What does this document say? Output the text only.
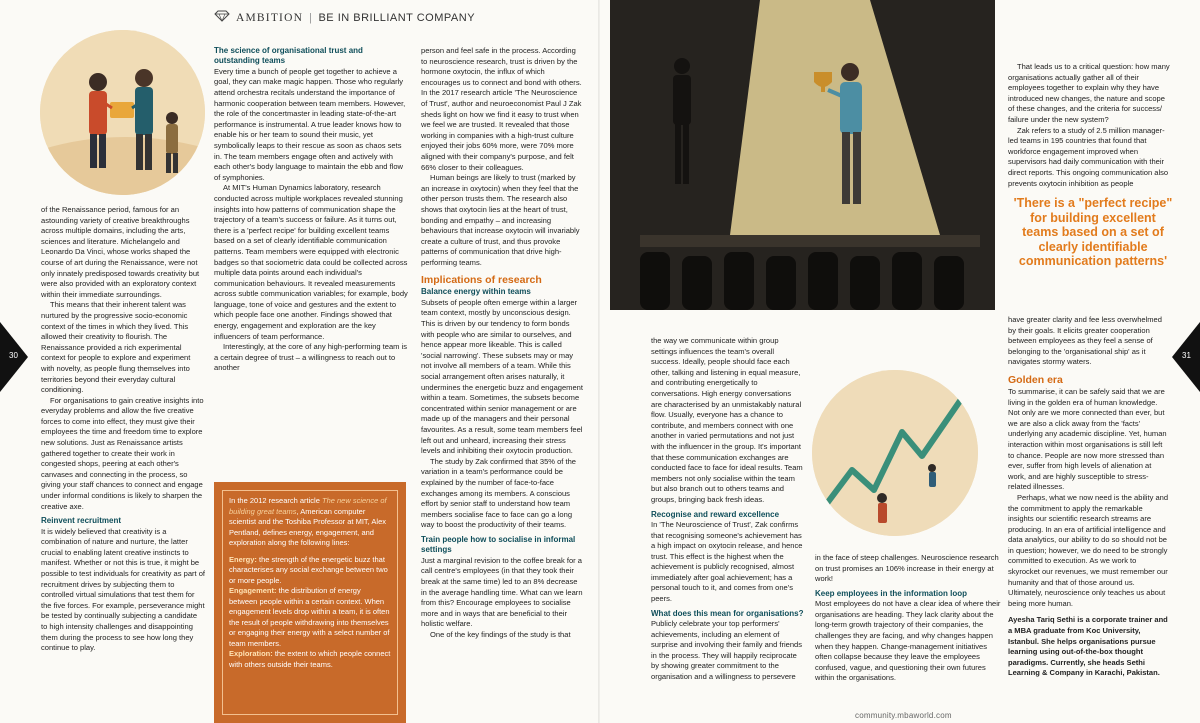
AMBITION | BE IN BRILLIANT COMPANY

of the Renaissance period, famous for an astounding variety of creative breakthroughs across multiple domains, including the arts, sciences and literature. Michelangelo and Leonardo Da Vinci, whose works shaped the course of art during the Renaissance, were not only innately predisposed towards creativity but were also provided with an exploratory context within their immediate surroundings.

This means that their inherent talent was nurtured by the progressive socio-economic context of the times in which they lived. This allowed their creativity to flourish. The Renaissance provided a rich experimental context for people to explore and experiment with novelty, as people flung themselves into territories beyond their everyday cultural conditioning.

For organisations to gain creative insights into everyday problems and allow the five creative forces to come into effect, they must give their employees the time and freedom time to explore new solutions. Just as Renaissance artists gathered together to create their work in congested shops, peering at each other's canvases and connecting in the process, so giving your staff chances to connect and engage under informal conditions is likely to sharpen the creative axe.

Reinvent recruitment

It is widely believed that creativity is a combination of nature and nurture, the latter crucial to enabling latent creative instincts to manifest. Whether or not this is true, it might be possible to test individuals for creativity as part of recruitment drives by subjecting them to controlled virtual simulations that test them for the five forces. For example, perseverance might be tested by continually subjecting a candidate to high intensity challenges and disappointing them during the process to see how long they continue to play.

The science of organisational trust and outstanding teams

Every time a bunch of people get together to achieve a goal, they can make magic happen. Those who regularly attend orchestra recitals understand the importance of harmonic cooperation between team members. However, the role of the concertmaster in leading state-of-the-art performance is instrumental. A true leader knows how to enable his or her team to sound their music, yet symbolically leaps to their rescue as soon as chaos sets in. The team members engage often and actively with each other's body language to maintain the ebb and flow of symphonies.

At MIT's Human Dynamics laboratory, research conducted across multiple workplaces revealed stunning insights into how patterns of communication shape the trajectory of a team's success or failure. As it turns out, there is a 'perfect recipe' for building excellent teams based on a set of clearly identifiable communication patterns. Team members were equipped with electronic badges so that sociometric data could be collected across multiple data points around each individual's communication behaviours. It revealed measurements across subtle communication variables; for example, body language, tone of voice and gestures and the extent to which people face one another. Findings showed that energy, engagement and exploration are the key influencers of team performance.

Interestingly, at the core of any high-performing team is a certain degree of trust – a willingness to reach out to another

In the 2012 research article The new science of building great teams, American computer scientist and the Toshiba Professor at MIT, Alex Pentland, defines energy, engagement, and exploration along the following lines:

Energy: the strength of the energetic buzz that characterises any social exchange between two or more people.

Engagement: the distribution of energy between people within a certain context. When engagement levels drop within a team, it is often the result of people withdrawing into themselves or engaging their energy with a select number of team members.

Exploration: the extent to which people connect with others outside their teams.

person and feel safe in the process. According to neuroscience research, trust is driven by the hormone oxytocin, the influx of which encourages us to connect and bond with others. In the 2017 research article 'The Neuroscience of Trust', author and neuroeconomist Paul J Zak sheds light on how we find it easy to trust when we feel we are trusted. It revealed that those working in companies with a high-trust culture enjoyed their jobs 60% more, were 70% more aligned with their company's purpose, and felt 66% closer to their colleagues.

Human beings are likely to trust (marked by an increase in oxytocin) when they feel that the other person trusts them. The research also shows that oxytocin lies at the heart of trust, bonding and empathy – and increasing behaviours that increase oxytocin will invariably create a culture of trust, and thus provoke patterns of communication that drive high-performing teams.

Implications of research
Balance energy within teams

Subsets of people often emerge within a larger team context, mostly by unconscious design. This is driven by our tendency to form bonds with people who are similar to ourselves, and hence appear more likeable. This is called 'social narrowing'. These subsets may or may not involve all members of a team. While this social arrangement often arises naturally, it undermines the energetic buzz and engagement within a team. Sometimes, the subsets become concentrated within senior management or are made up of the managers and their personal favourites. As a result, some team members feel left out and unheard, increasing their stress levels and inhibiting their oxytocin production.

The study by Zak confirmed that 35% of the variation in a team's performance could be explained by the number of face-to-face exchanges among its members. A conscious effort by senior staff to understand how team members socialise face to face can go a long way to boost the productivity of their teams.

Train people how to socialise in informal settings

Just a marginal revision to the coffee break for a call centre's employees (in that they took their break at the same time) led to an 8% decrease in the average handling time. What can we learn from this? Encourage employees to socialise more and in ways that are beneficial to their holistic welfare.

One of the key findings of the study is that

30	31

the way we communicate within group settings influences the team's overall success. Ideally, people should face each other, talking and listening in equal measure, and contributing energetically to conversations. High energy conversations are characterised by an unmistakably natural flow. Usually, everyone has a chance to contribute, and members connect with one another in varied permutations and not just with the influencer in the group. It's important that these communication exchanges are conducted face to face for ideal results. Team members not only socialise within the team but also branch out to others teams and groups, bringing back fresh ideas.

Recognise and reward excellence

In 'The Neuroscience of Trust', Zak confirms that recognising someone's achievement has a high impact on oxytocin release, and hence trust. This effect is the highest when the achievement is publicly recognised, almost immediately after goal achievement; has a personal touch to it, and comes from one's peers.

What does this mean for organisations?

Publicly celebrate your top performers' achievements, including an element of surprise and involving their family and friends in the process. They will happily reciprocate by showing greater commitment to the organisation and a willingness to persevere

in the face of steep challenges. Neuroscience research on trust promises an 106% increase in their energy at work!

Keep employees in the information loop

Most employees do not have a clear idea of where their organisations are heading. They lack clarity about the long-term growth trajectory of their companies, the challenges they are facing, and why changes happen when they happen. Change-management initiatives often collapse because they leave the employees confused, vague, and questioning their own futures within the organisations.

That leads us to a critical question: how many organisations actually gather all of their employees together to explain why they have introduced new changes, the nature and scope of these changes, and the criteria for success/ failure under the new system?

Zak refers to a study of 2.5 million manager-led teams in 195 countries that found that workforce engagement improved when supervisors had daily communication with their direct reports. This ongoing communication also prevents oxytocin inhibition as people

'There is a "perfect recipe" for building excellent teams based on a set of clearly identifiable communication patterns'

have greater clarity and fee less overwhelmed by their goals. It elicits greater cooperation between employees as they feel a sense of belonging to the 'organisational ship' as it navigates stormy waters.

Golden era

To summarise, it can be safely said that we are living in the golden era of human knowledge. Not only are we more connected than ever, but we are also a click away from the 'facts' underlying any academic discipline. Yet, human interaction within most organisations is still left to chance. People are now more stressed than ever, suffer from high levels of alienation at work, and are highly susceptible to stress-related illnesses.

Perhaps, what we now need is the ability and the commitment to apply the remarkable insights our scientific research streams are producing. In an era of artificial intelligence and data analytics, our ability to do so should not be in question; however, we do need to be strongly committed to execution. As we work to skyrocket our revenues, we must remember our humanity and that of those around us. Ultimately, neuroscience only teaches us about being more human.

Ayesha Tariq Sethi is a corporate trainer and a MBA graduate from Koc University, Istanbul. She helps organisations pursue learning using out-of-the-box thought paradigms. Currently, she heads Sethi Learning & Company in Karachi, Pakistan.

community.mbaworld.com
